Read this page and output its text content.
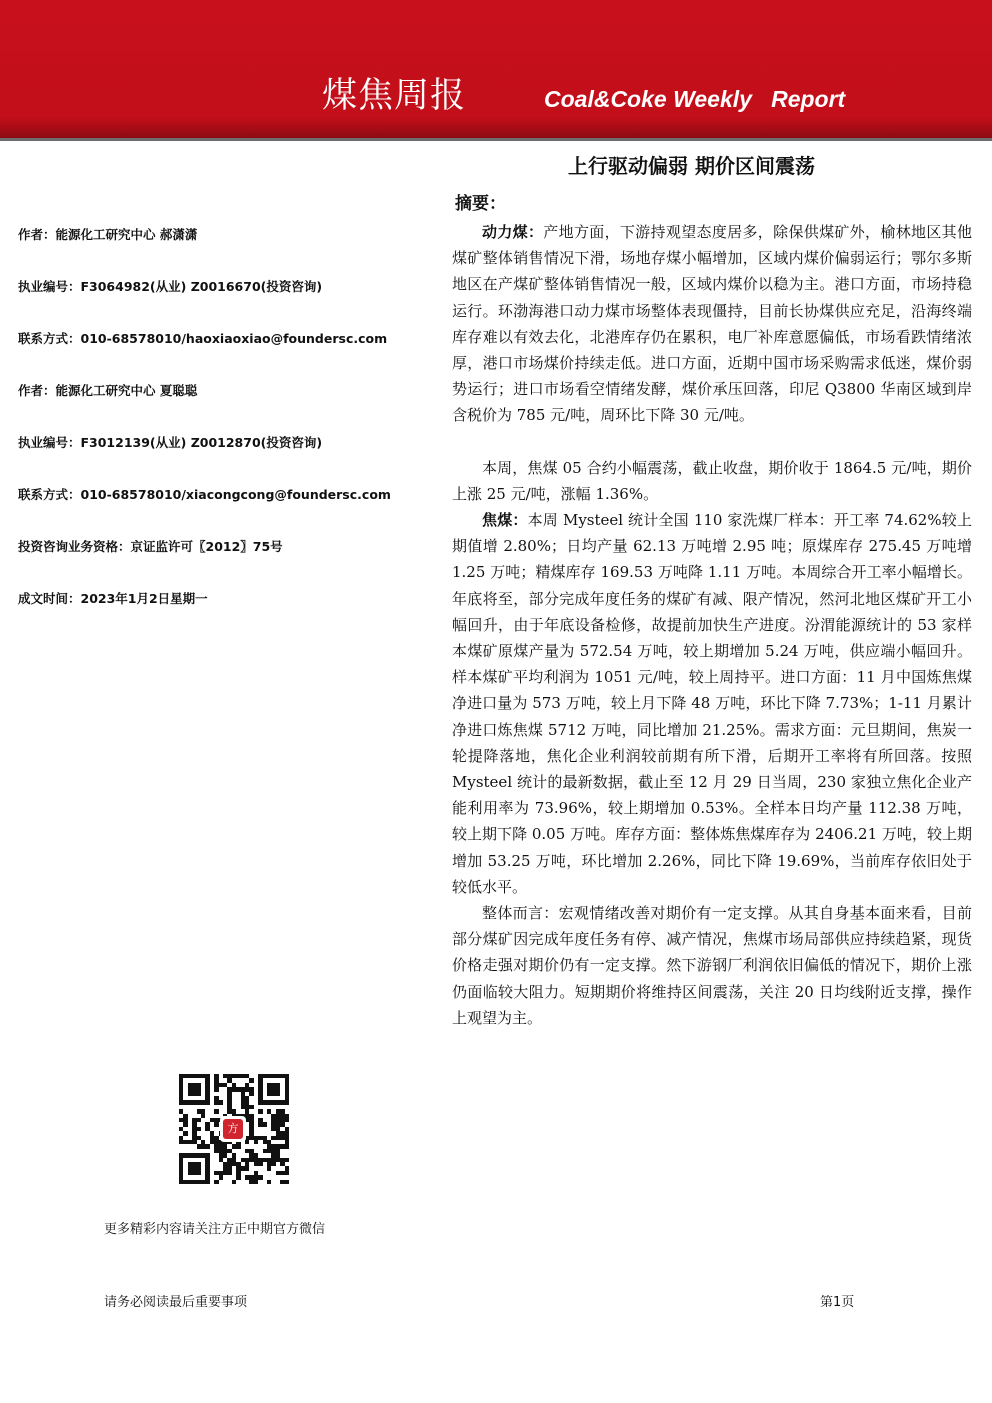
煤焦周报	Coal&Coke Weekly   Report
上行驱动偏弱 期价区间震荡
作者：能源化工研究中心 郝潇潇
执业编号：F3064982(从业) Z0016670(投资咨询)
联系方式：010-68578010/haoxiaoxiao@foundersc.com
作者：能源化工研究中心 夏聪聪
执业编号：F3012139(从业) Z0012870(投资咨询)
联系方式：010-68578010/xiacongcong@foundersc.com
投资咨询业务资格：京证监许可〖2012〗75号
成文时间：2023年1月2日星期一
摘要：

动力煤：产地方面，下游持观望态度居多，除保供煤矿外，榆林地区其他煤矿整体销售情况下滑，场地存煤小幅增加，区域内煤价偏弱运行；鄂尔多斯地区在产煤矿整体销售情况一般，区域内煤价以稳为主。港口方面，市场持稳运行。环渤海港口动力煤市场整体表现僵持，目前长协煤供应充足，沿海终端库存难以有效去化，北港库存仍在累积，电厂补库意愿偏低，市场看跌情绪浓厚，港口市场煤价持续走低。进口方面，近期中国市场采购需求低迷，煤价弱势运行；进口市场看空情绪发酵，煤价承压回落，印尼 Q3800 华南区域到岸含税价为 785 元/吨，周环比下降 30 元/吨。

本周，焦煤 05 合约小幅震荡，截止收盘，期价收于 1864.5 元/吨，期价上涨 25 元/吨，涨幅 1.36%。

焦煤：本周 Mysteel 统计全国 110 家洗煤厂样本：开工率 74.62%较上期值增 2.80%；日均产量 62.13 万吨增 2.95 吨；原煤库存 275.45 万吨增 1.25 万吨；精煤库存 169.53 万吨降 1.11 万吨。本周综合开工率小幅增长。年底将至，部分完成年度任务的煤矿有减、限产情况，然河北地区煤矿开工小幅回升，由于年底设备检修，故提前加快生产进度。汾渭能源统计的 53 家样本煤矿原煤产量为 572.54 万吨，较上期增加 5.24 万吨，供应端小幅回升。样本煤矿平均利润为 1051 元/吨，较上周持平。进口方面：11 月中国炼焦煤净进口量为 573 万吨，较上月下降 48 万吨，环比下降 7.73%；1-11 月累计净进口炼焦煤 5712 万吨，同比增加 21.25%。需求方面：元旦期间，焦炭一轮提降落地，焦化企业利润较前期有所下滑，后期开工率将有所回落。按照 Mysteel 统计的最新数据，截止至 12 月 29 日当周，230 家独立焦化企业产能利用率为 73.96%，较上期增加 0.53%。全样本日均产量 112.38 万吨，较上期下降 0.05 万吨。库存方面：整体炼焦煤库存为 2406.21 万吨，较上期增加 53.25 万吨，环比增加 2.26%，同比下降 19.69%，当前库存依旧处于较低水平。

整体而言：宏观情绪改善对期价有一定支撑。从其自身基本面来看，目前部分煤矿因完成年度任务有停、减产情况，焦煤市场局部供应持续趋紧，现货价格走强对期价仍有一定支撑。然下游钢厂利润依旧偏低的情况下，期价上涨仍面临较大阻力。短期期价将维持区间震荡，关注 20 日均线附近支撑，操作上观望为主。

方
更多精彩内容请关注方正中期官方微信
请务必阅读最后重要事项	第1页
